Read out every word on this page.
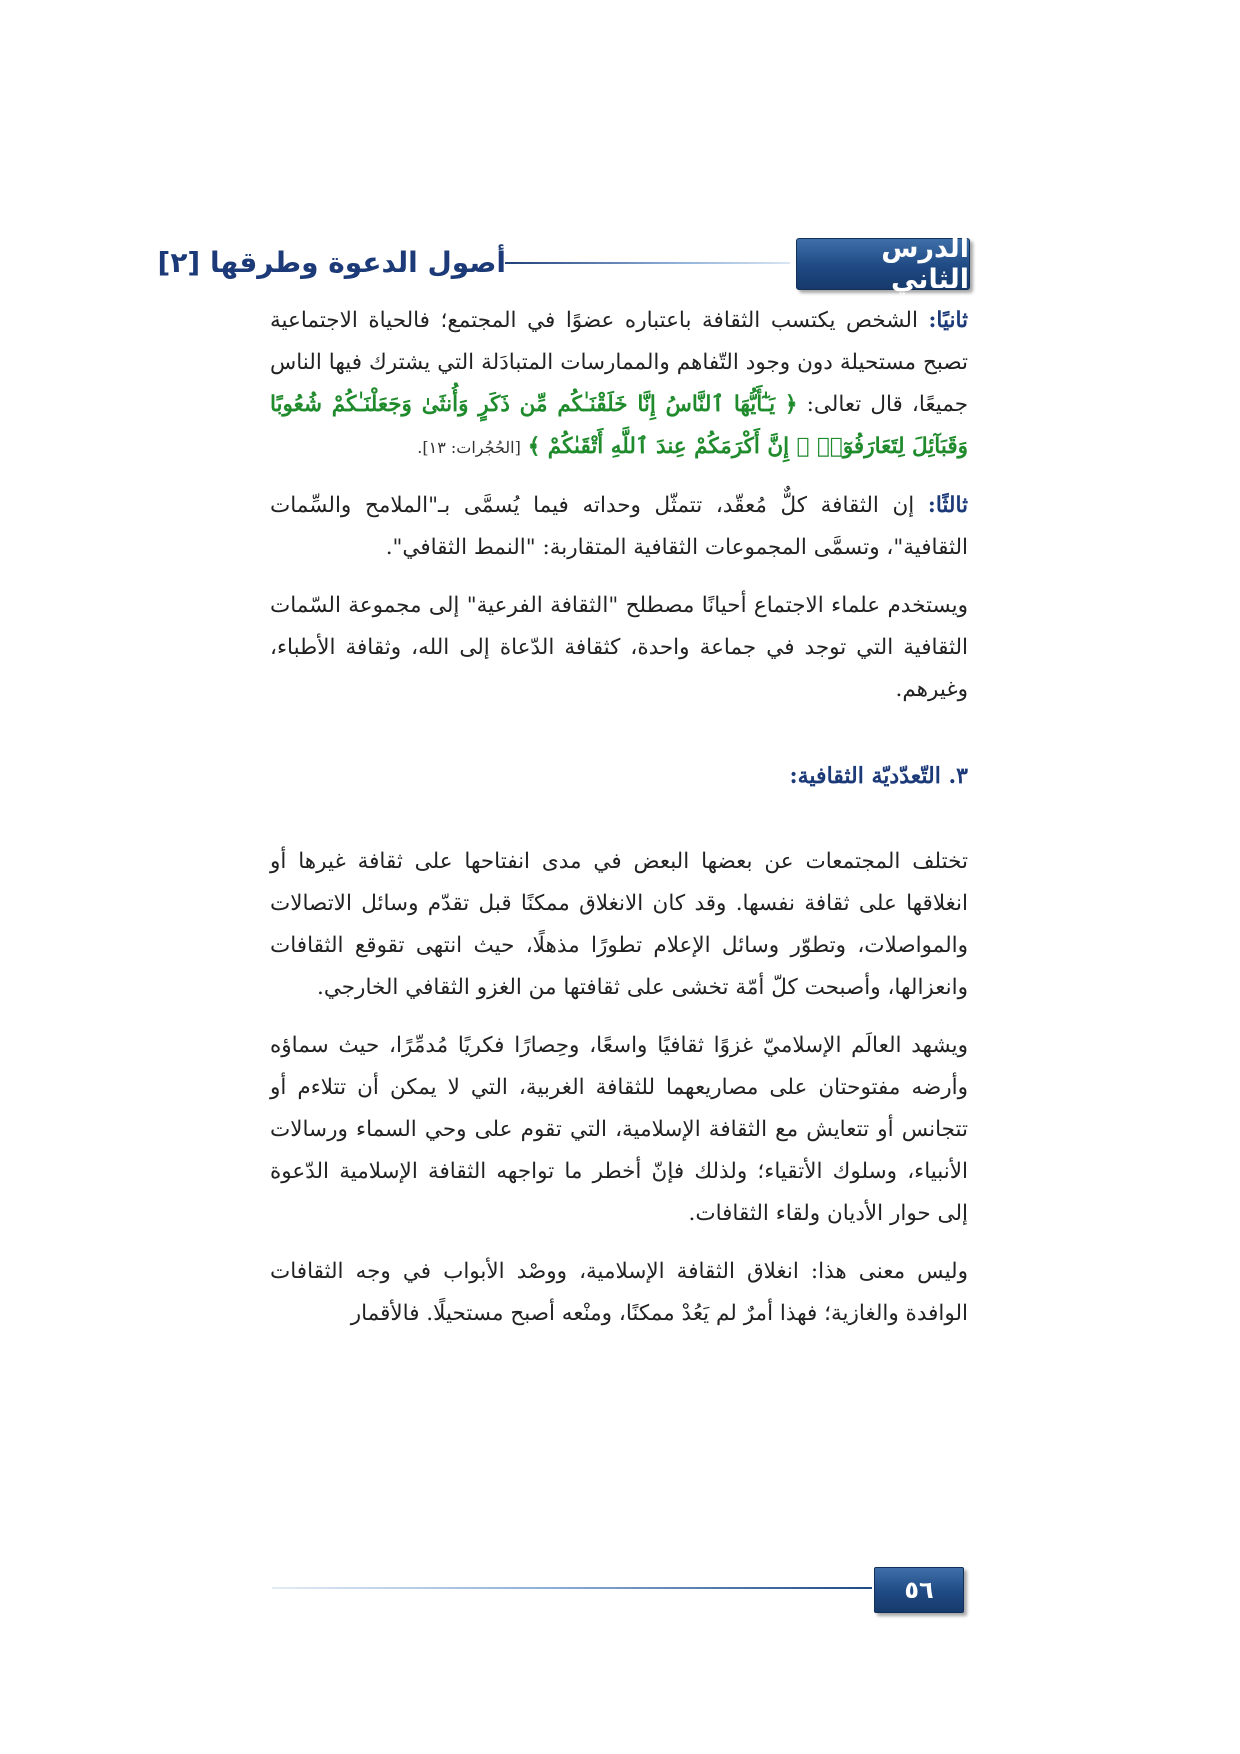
الدرس الثاني
أصول الدعوة وطرقها [٢]

ثانيًا: الشخص يكتسب الثقافة باعتباره عضوًا في المجتمع؛ فالحياة الاجتماعية تصبح مستحيلة دون وجود التّفاهم والممارسات المتبادَلة التي يشترك فيها الناس جميعًا، قال تعالى: ﴿ يَـٰٓأَيُّهَا ٱلنَّاسُ إِنَّا خَلَقْنَـٰكُم مِّن ذَكَرٍ وَأُنثَىٰ وَجَعَلْنَـٰكُمْ شُعُوبًا وَقَبَآئِلَ لِتَعَارَفُوٓا۟ ۚ إِنَّ أَكْرَمَكُمْ عِندَ ٱللَّهِ أَتْقَىٰكُمْ ﴾ [الحُجُرات: ١٣].

ثالثًا: إن الثقافة كلٌّ مُعقّد، تتمثّل وحداته فيما يُسمَّى بـ"الملامح والسِّمات الثقافية"، وتسمَّى المجموعات الثقافية المتقاربة: "النمط الثقافي".

ويستخدم علماء الاجتماع أحيانًا مصطلح "الثقافة الفرعية" إلى مجموعة السّمات الثقافية التي توجد في جماعة واحدة، كثقافة الدّعاة إلى الله، وثقافة الأطباء، وغيرهم.

٣. التّعدّديّة الثقافية:

تختلف المجتمعات عن بعضها البعض في مدى انفتاحها على ثقافة غيرها أو انغلاقها على ثقافة نفسها. وقد كان الانغلاق ممكنًا قبل تقدّم وسائل الاتصالات والمواصلات، وتطوّر وسائل الإعلام تطورًا مذهلًا، حيث انتهى تقوقع الثقافات وانعزالها، وأصبحت كلّ أمّة تخشى على ثقافتها من الغزو الثقافي الخارجي.

ويشهد العالَم الإسلاميّ غزوًا ثقافيًا واسعًا، وحِصارًا فكريًا مُدمِّرًا، حيث سماؤه وأرضه مفتوحتان على مصاريعهما للثقافة الغربية، التي لا يمكن أن تتلاءم أو تتجانس أو تتعايش مع الثقافة الإسلامية، التي تقوم على وحي السماء ورسالات الأنبياء، وسلوك الأتقياء؛ ولذلك فإنّ أخطر ما تواجهه الثقافة الإسلامية الدّعوة إلى حوار الأديان ولقاء الثقافات.

وليس معنى هذا: انغلاق الثقافة الإسلامية، ووصْد الأبواب في وجه الثقافات الوافدة والغازية؛ فهذا أمرٌ لم يَعُدْ ممكنًا، ومنْعه أصبح مستحيلًا. فالأقمار

٥٦
